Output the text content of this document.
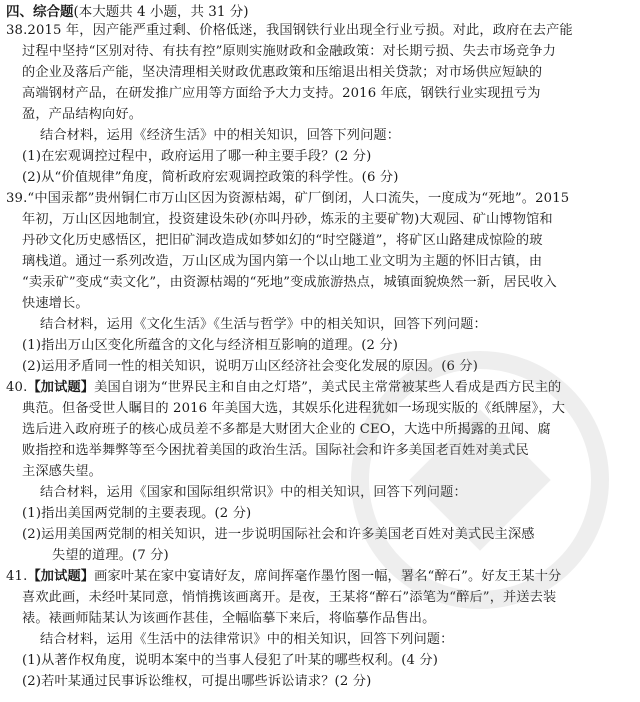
四、综合题(本大题共 4 小题，共 31 分)
38.2015 年，因产能严重过剩、价格低迷，我国钢铁行业出现全行业亏损。对此，政府在去产能
过程中坚持“区别对待、有扶有控”原则实施财政和金融政策：对长期亏损、失去市场竞争力
的企业及落后产能，坚决清理相关财政优惠政策和压缩退出相关贷款；对市场供应短缺的
高端钢材产品，在研发推广应用等方面给予大力支持。2016 年底，钢铁行业实现扭亏为
盈，产品结构向好。
结合材料，运用《经济生活》中的相关知识，回答下列问题：
(1)在宏观调控过程中，政府运用了哪一种主要手段？(2 分)
(2)从“价值规律”角度，简析政府宏观调控政策的科学性。(6 分)
39.“中国汞都”贵州铜仁市万山区因为资源枯竭，矿厂倒闭，人口流失，一度成为“死地”。2015
年初，万山区因地制宜，投资建设朱砂(亦叫丹砂，炼汞的主要矿物)大观园、矿山博物馆和
丹砂文化历史感悟区，把旧矿洞改造成如梦如幻的“时空隧道”，将矿区山路建成惊险的玻
璃栈道。通过一系列改造，万山区成为国内第一个以山地工业文明为主题的怀旧古镇，由
“卖汞矿”变成“卖文化”，由资源枯竭的“死地”变成旅游热点，城镇面貌焕然一新，居民收入
快速增长。
结合材料，运用《文化生活》《生活与哲学》中的相关知识，回答下列问题：
(1)指出万山区变化所蕴含的文化与经济相互影响的道理。(2 分)
(2)运用矛盾同一性的相关知识，说明万山区经济社会变化发展的原因。(6 分)
40.【加试题】美国自诩为“世界民主和自由之灯塔”，美式民主常常被某些人看成是西方民主的
典范。但备受世人瞩目的 2016 年美国大选，其娱乐化进程犹如一场现实版的《纸牌屋》，大
选后进入政府班子的核心成员差不多都是大财团大企业的 CEO，大选中所揭露的丑闻、腐
败指控和选举舞弊等至今困扰着美国的政治生活。国际社会和许多美国老百姓对美式民
主深感失望。
结合材料，运用《国家和国际组织常识》中的相关知识，回答下列问题：
(1)指出美国两党制的主要表现。(2 分)
(2)运用美国两党制的相关知识，进一步说明国际社会和许多美国老百姓对美式民主深感
失望的道理。(7 分)
41.【加试题】画家叶某在家中宴请好友，席间挥毫作墨竹图一幅，署名“醉石”。好友王某十分
喜欢此画，未经叶某同意，悄悄携该画离开。是夜，王某将“醉石”添笔为“醉后”，并送去装
裱。裱画师陆某认为该画作甚佳，全幅临摹下来后，将临摹作品售出。
结合材料，运用《生活中的法律常识》中的相关知识，回答下列问题：
(1)从著作权角度，说明本案中的当事人侵犯了叶某的哪些权利。(4 分)
(2)若叶某通过民事诉讼维权，可提出哪些诉讼请求？(2 分)
